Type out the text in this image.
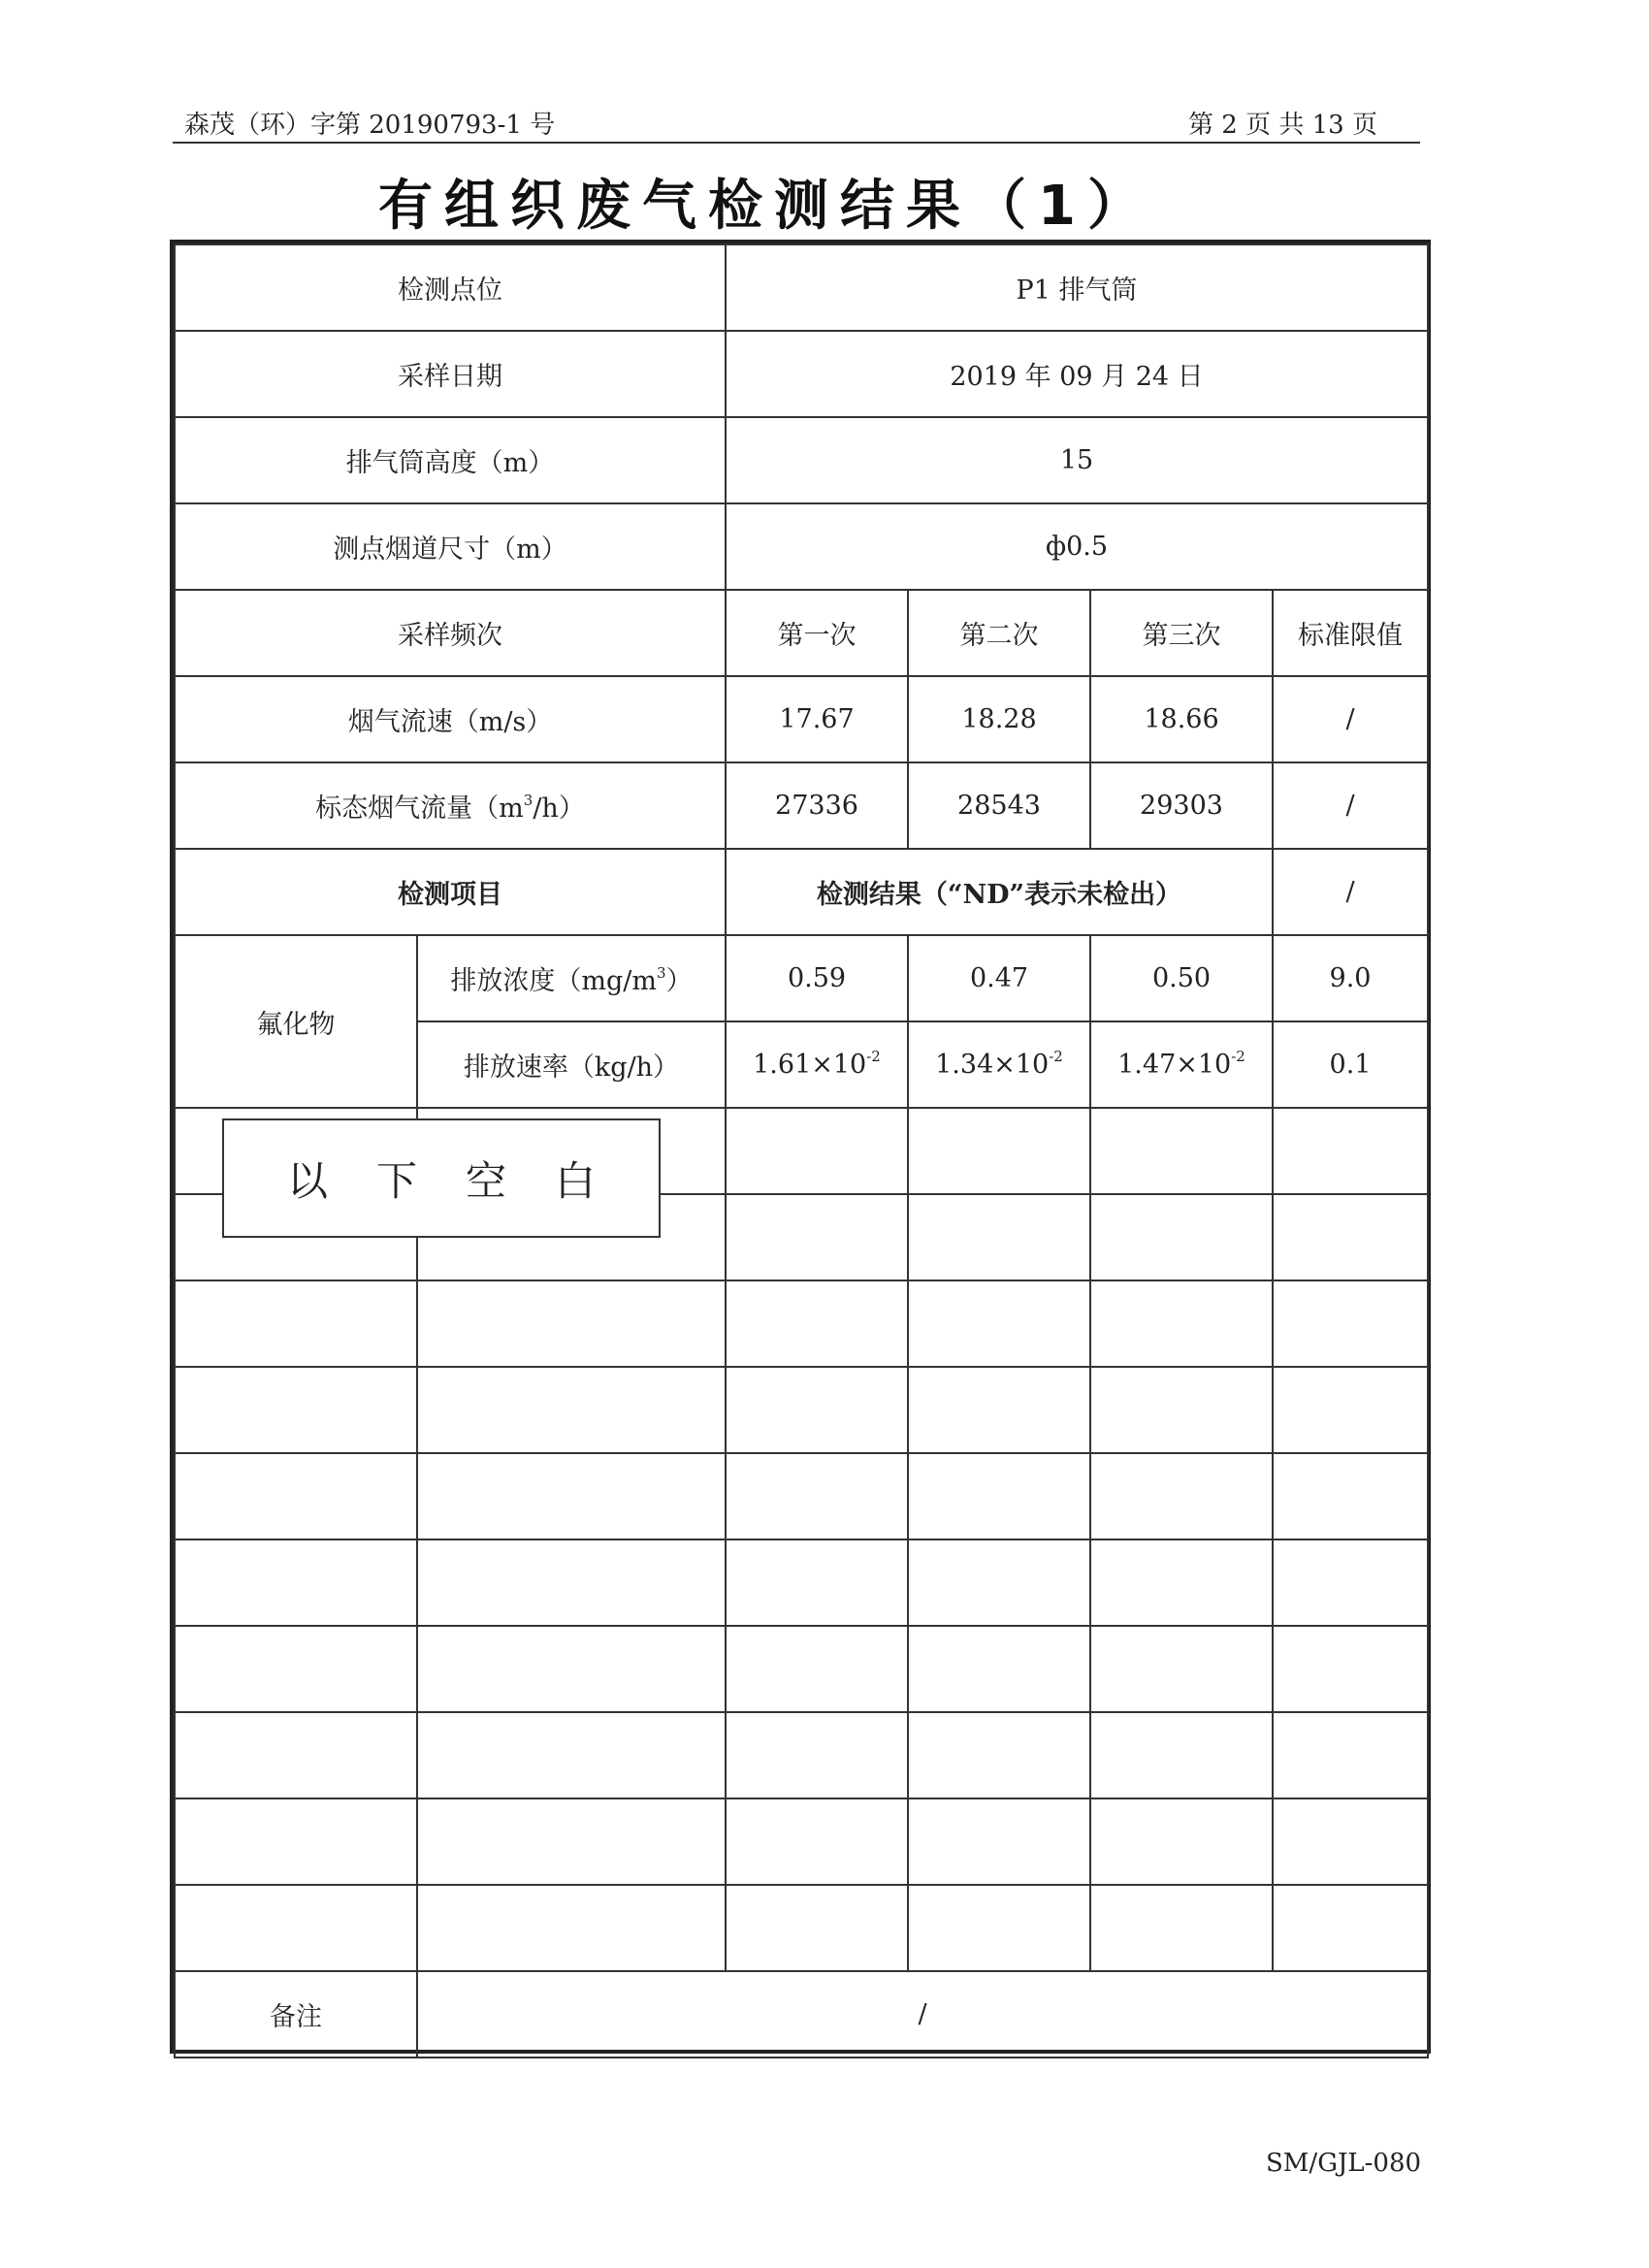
森茂（环）字第 20190793-1 号	第 2 页 共 13 页
有组织废气检测结果（1）
检测点位		P1 排气筒			
采样日期		2019 年 09 月 24 日			
排气筒高度（m）		15			
测点烟道尺寸（m）		ф0.5			
采样频次		第一次	第二次	第三次	标准限值
烟气流速（m/s）		17.67	18.28	18.66	/
标态烟气流量$(m^3/h)$		27336	28543	29303	/
检测项目		检测结果（“ND”表示未检出）			/
氟化物	排放浓度$(mg/m^3)$	0.59	0.47	0.50	9.0
	排放速率（kg/h）	$1.61\times 10^{-2}$	$1.34\times 10^{-2}$	$1.47\times 10^{-2}$	0.1

备注	/				
以下空白
SM/GJL-080
